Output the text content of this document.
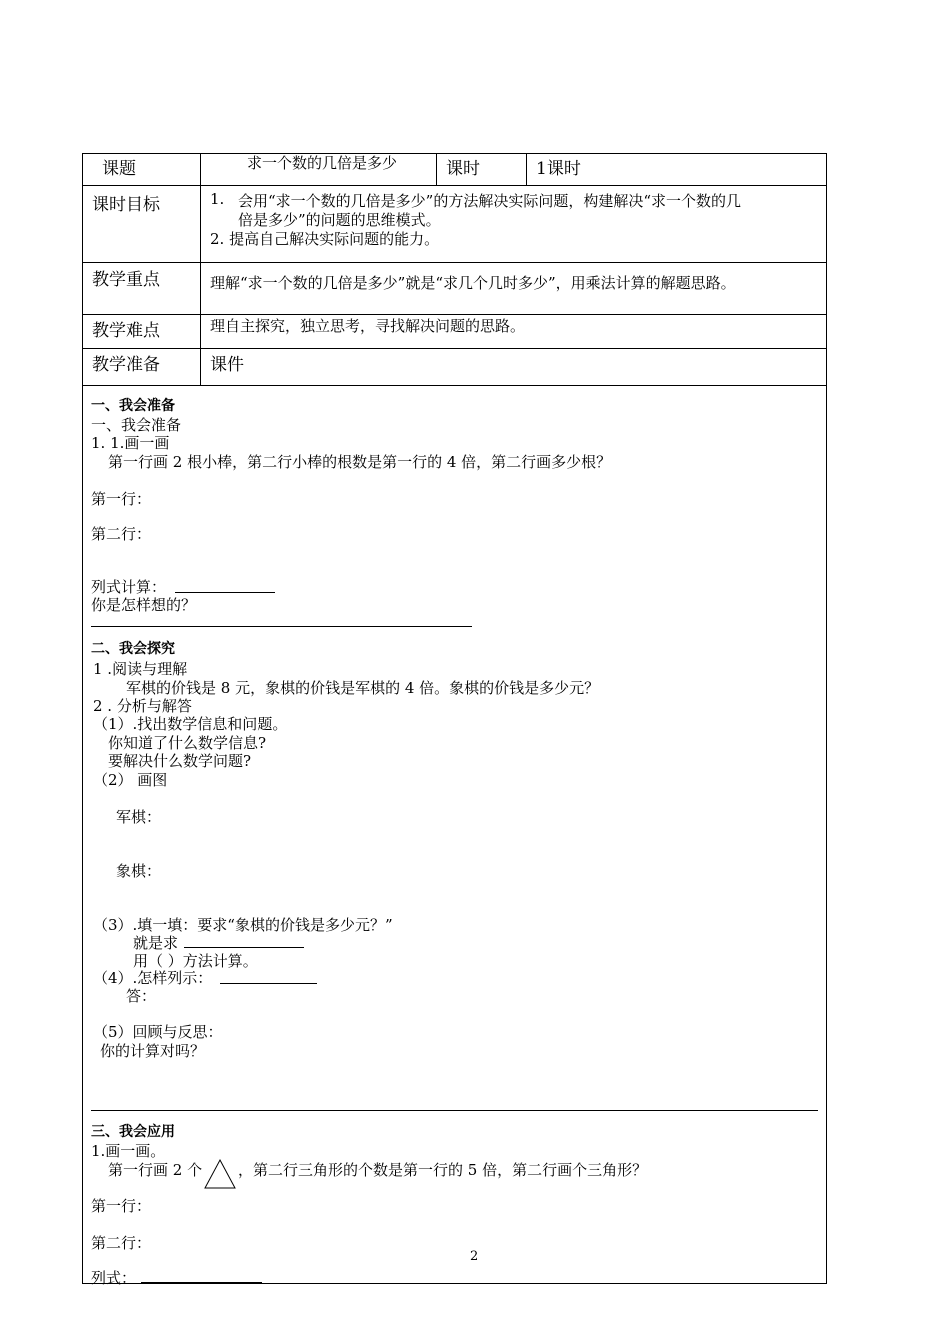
课题	求一个数的几倍是多少	课时	1课时
课时目标	1. 会用“求一个数的几倍是多少”的方法解决实际问题，构建解决“求一个数的几
倍是多少”的问题的思维模式。
2. 提高自己解决实际问题的能力。
教学重点	理解“求一个数的几倍是多少”就是“求几个几时多少”，用乘法计算的解题思路。
教学难点	理自主探究，独立思考，寻找解决问题的思路。
教学准备	课件
一、我会准备
一、我会准备
1. 1.画一画
第一行画 2 根小棒，第二行小棒的根数是第一行的 4 倍，第二行画多少根？
第一行：
第二行：
列式计算：
你是怎样想的？
二、我会探究
1 .阅读与理解
军棋的价钱是 8 元，象棋的价钱是军棋的 4 倍。象棋的价钱是多少元？
2 . 分析与解答
（1）.找出数学信息和问题。
你知道了什么数学信息?
要解决什么数学问题?
（2） 画图
军棋：
象棋：
（3）.填一填：要求“象棋的价钱是多少元？”
就是求
用（ ）方法计算。
（4）.怎样列示：
答：
（5）回顾与反思：
你的计算对吗？
三、我会应用
1.画一画。
第一行画 2 个 ，第二行三角形的个数是第一行的 5 倍，第二行画个三角形？
第一行：
第二行：
列式：
2
